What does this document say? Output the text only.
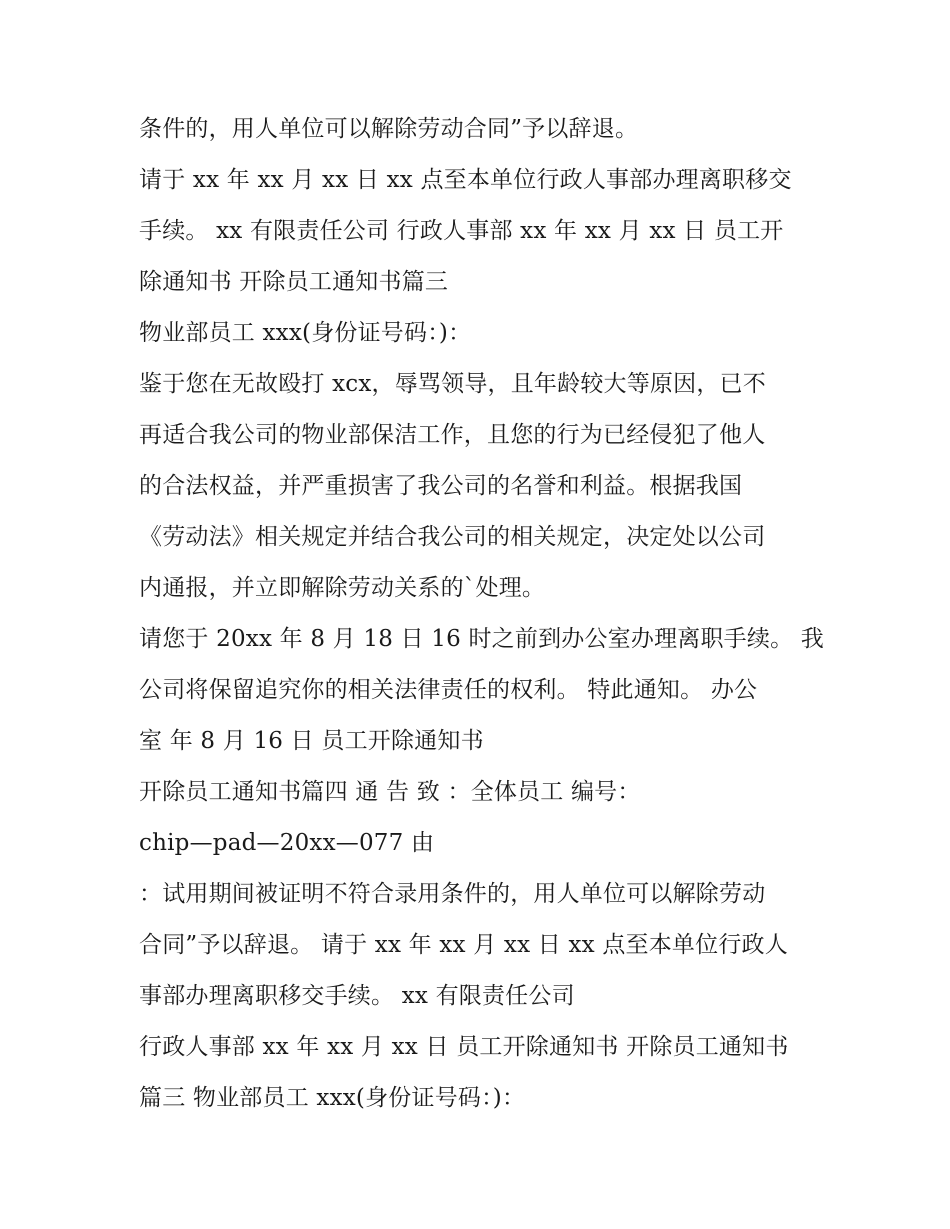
条件的，用人单位可以解除劳动合同”予以辞退。
请于 xx 年 xx 月 xx 日 xx 点至本单位行政人事部办理离职移交
手续。 xx 有限责任公司 行政人事部 xx 年 xx 月 xx 日 员工开
除通知书 开除员工通知书篇三
物业部员工 xxx(身份证号码：)：
鉴于您在无故殴打 xcx，辱骂领导，且年龄较大等原因，已不
再适合我公司的物业部保洁工作，且您的行为已经侵犯了他人
的合法权益，并严重损害了我公司的名誉和利益。根据我国
《劳动法》相关规定并结合我公司的相关规定，决定处以公司
内通报，并立即解除劳动关系的`处理。
请您于 20xx 年 8 月 18 日 16 时之前到办公室办理离职手续。 我
公司将保留追究你的相关法律责任的权利。 特此通知。 办公
室 年 8 月 16 日 员工开除通知书
开除员工通知书篇四 通 告 致 ：全体员工 编号：
chip—pad—20xx—077 由
：试用期间被证明不符合录用条件的，用人单位可以解除劳动
合同”予以辞退。 请于 xx 年 xx 月 xx 日 xx 点至本单位行政人
事部办理离职移交手续。 xx 有限责任公司
行政人事部 xx 年 xx 月 xx 日 员工开除通知书 开除员工通知书
篇三 物业部员工 xxx(身份证号码：)：
